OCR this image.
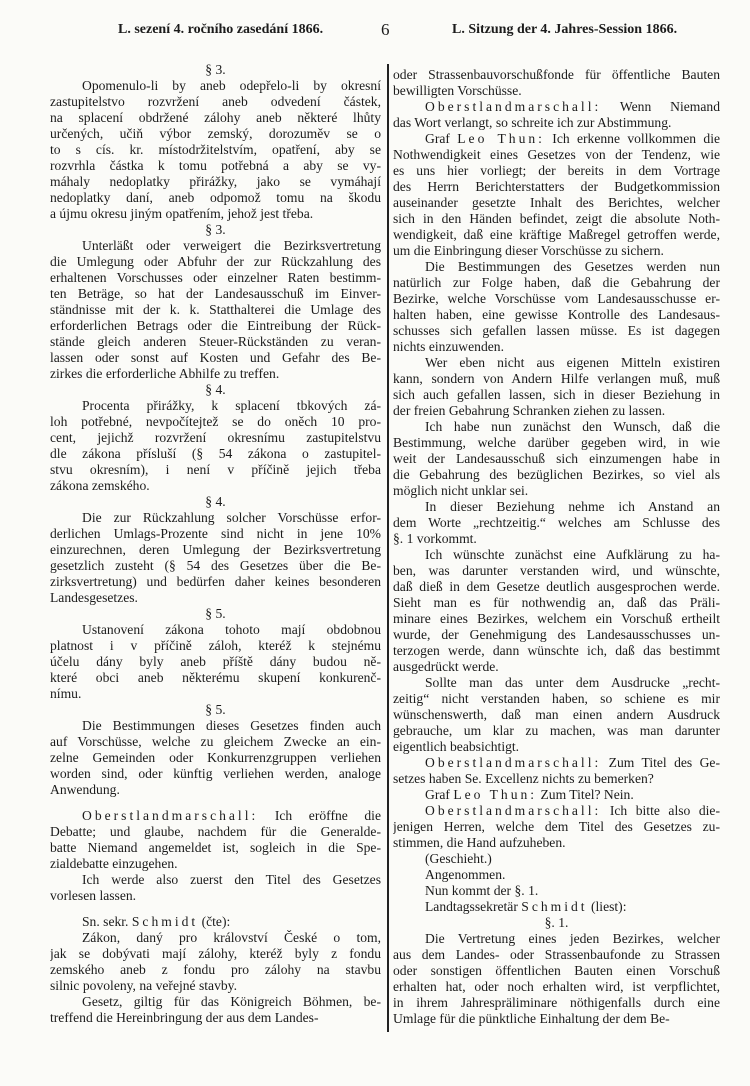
L. sezení 4. ročního zasedání 1866.	6	L. Sitzung der 4. Jahres-Session 1866.
§ 3.
Opomenulo-li by aneb odepřelo-li by okresní
zastupitelstvo rozvržení aneb odvedení částek,
na splacení obdržené zálohy aneb některé lhůty
určených, učiň výbor zemský, dorozuměv se o
to s cís. kr. místodržitelstvím, opatření, aby se
rozvrhla částka k tomu potřebná a aby se vy-
máhaly nedoplatky přirážky, jako se vymáhají
nedoplatky daní, aneb odpomož tomu na škodu
a újmu okresu jiným opatřením, jehož jest třeba.
§ 3.
Unterläßt oder verweigert die Bezirksvertretung
die Umlegung oder Abfuhr der zur Rückzahlung des
erhaltenen Vorschusses oder einzelner Raten bestimm-
ten Beträge, so hat der Landesausschuß im Einver-
ständnisse mit der k. k. Statthalterei die Umlage des
erforderlichen Betrags oder die Eintreibung der Rück-
stände gleich anderen Steuer-Rückständen zu veran-
lassen oder sonst auf Kosten und Gefahr des Be-
zirkes die erforderliche Abhilfe zu treffen.
§ 4.
Procenta přirážky, k splacení tbkových zá-
loh potřebné, nevpočítejtež se do oněch 10 pro-
cent, jejichž rozvržení okresnímu zastupitelstvu
dle zákona přísluší (§ 54 zákona o zastupitel-
stvu okresním), i není v příčině jejich třeba
zákona zemského.
§ 4.
Die zur Rückzahlung solcher Vorschüsse erfor-
derlichen Umlags-Prozente sind nicht in jene 10%
einzurechnen, deren Umlegung der Bezirksvertretung
gesetzlich zusteht (§ 54 des Gesetzes über die Be-
zirksvertretung) und bedürfen daher keines besonderen
Landesgesetzes.
§ 5.
Ustanovení zákona tohoto mají obdobnou
platnost i v příčině záloh, kteréž k stejnému
účelu dány byly aneb příště dány budou ně-
které obci aneb některému skupení konkurenč-
nímu.
§ 5.
Die Bestimmungen dieses Gesetzes finden auch
auf Vorschüsse, welche zu gleichem Zwecke an ein-
zelne Gemeinden oder Konkurrenzgruppen verliehen
worden sind, oder künftig verliehen werden, analoge
Anwendung.
Oberstlandmarschall: Ich eröffne die
Debatte; und glaube, nachdem für die Generalde-
batte Niemand angemeldet ist, sogleich in die Spe-
zialdebatte einzugehen.
Ich werde also zuerst den Titel des Gesetzes
vorlesen lassen.
Sn. sekr. Schmidt (čte):
Zákon, daný pro království České o tom,
jak se dobývati mají zálohy, kteréž byly z fondu
zemského aneb z fondu pro zálohy na stavbu
silnic povoleny, na veřejné stavby.
Gesetz, giltig für das Königreich Böhmen, be-
treffend die Hereinbringung der aus dem Landes-
oder Strassenbauvorschußfonde für öffentliche Bauten
bewilligten Vorschüsse.
Oberstlandmarschall: Wenn Niemand
das Wort verlangt, so schreite ich zur Abstimmung.
Graf Leo Thun: Ich erkenne vollkommen die
Nothwendigkeit eines Gesetzes von der Tendenz, wie
es uns hier vorliegt; der bereits in dem Vortrage
des Herrn Berichterstatters der Budgetkommission
auseinander gesetzte Inhalt des Berichtes, welcher
sich in den Händen befindet, zeigt die absolute Noth-
wendigkeit, daß eine kräftige Maßregel getroffen werde,
um die Einbringung dieser Vorschüsse zu sichern.
Die Bestimmungen des Gesetzes werden nun
natürlich zur Folge haben, daß die Gebahrung der
Bezirke, welche Vorschüsse vom Landesausschusse er-
halten haben, eine gewisse Kontrolle des Landesaus-
schusses sich gefallen lassen müsse. Es ist dagegen
nichts einzuwenden.
Wer eben nicht aus eigenen Mitteln existiren
kann, sondern von Andern Hilfe verlangen muß, muß
sich auch gefallen lassen, sich in dieser Beziehung in
der freien Gebahrung Schranken ziehen zu lassen.
Ich habe nun zunächst den Wunsch, daß die
Bestimmung, welche darüber gegeben wird, in wie
weit der Landesausschuß sich einzumengen habe in
die Gebahrung des bezüglichen Bezirkes, so viel als
möglich nicht unklar sei.
In dieser Beziehung nehme ich Anstand an
dem Worte „rechtzeitig.“ welches am Schlusse des
§. 1 vorkommt.
Ich wünschte zunächst eine Aufklärung zu ha-
ben, was darunter verstanden wird, und wünschte,
daß dieß in dem Gesetze deutlich ausgesprochen werde.
Sieht man es für nothwendig an, daß das Präli-
minare eines Bezirkes, welchem ein Vorschuß ertheilt
wurde, der Genehmigung des Landesausschusses un-
terzogen werde, dann wünschte ich, daß das bestimmt
ausgedrückt werde.
Sollte man das unter dem Ausdrucke „recht-
zeitig“ nicht verstanden haben, so schiene es mir
wünschenswerth, daß man einen andern Ausdruck
gebrauche, um klar zu machen, was man darunter
eigentlich beabsichtigt.
Oberstlandmarschall: Zum Titel des Ge-
setzes haben Se. Excellenz nichts zu bemerken?
Graf Leo Thun: Zum Titel? Nein.
Oberstlandmarschall: Ich bitte also die-
jenigen Herren, welche dem Titel des Gesetzes zu-
stimmen, die Hand aufzuheben.
(Geschieht.)
Angenommen.
Nun kommt der §. 1.
Landtagssekretär Schmidt (liest):
§. 1.
Die Vertretung eines jeden Bezirkes, welcher
aus dem Landes- oder Strassenbaufonde zu Strassen
oder sonstigen öffentlichen Bauten einen Vorschuß
erhalten hat, oder noch erhalten wird, ist verpflichtet,
in ihrem Jahrespräliminare nöthigenfalls durch eine
Umlage für die pünktliche Einhaltung der dem Be-
